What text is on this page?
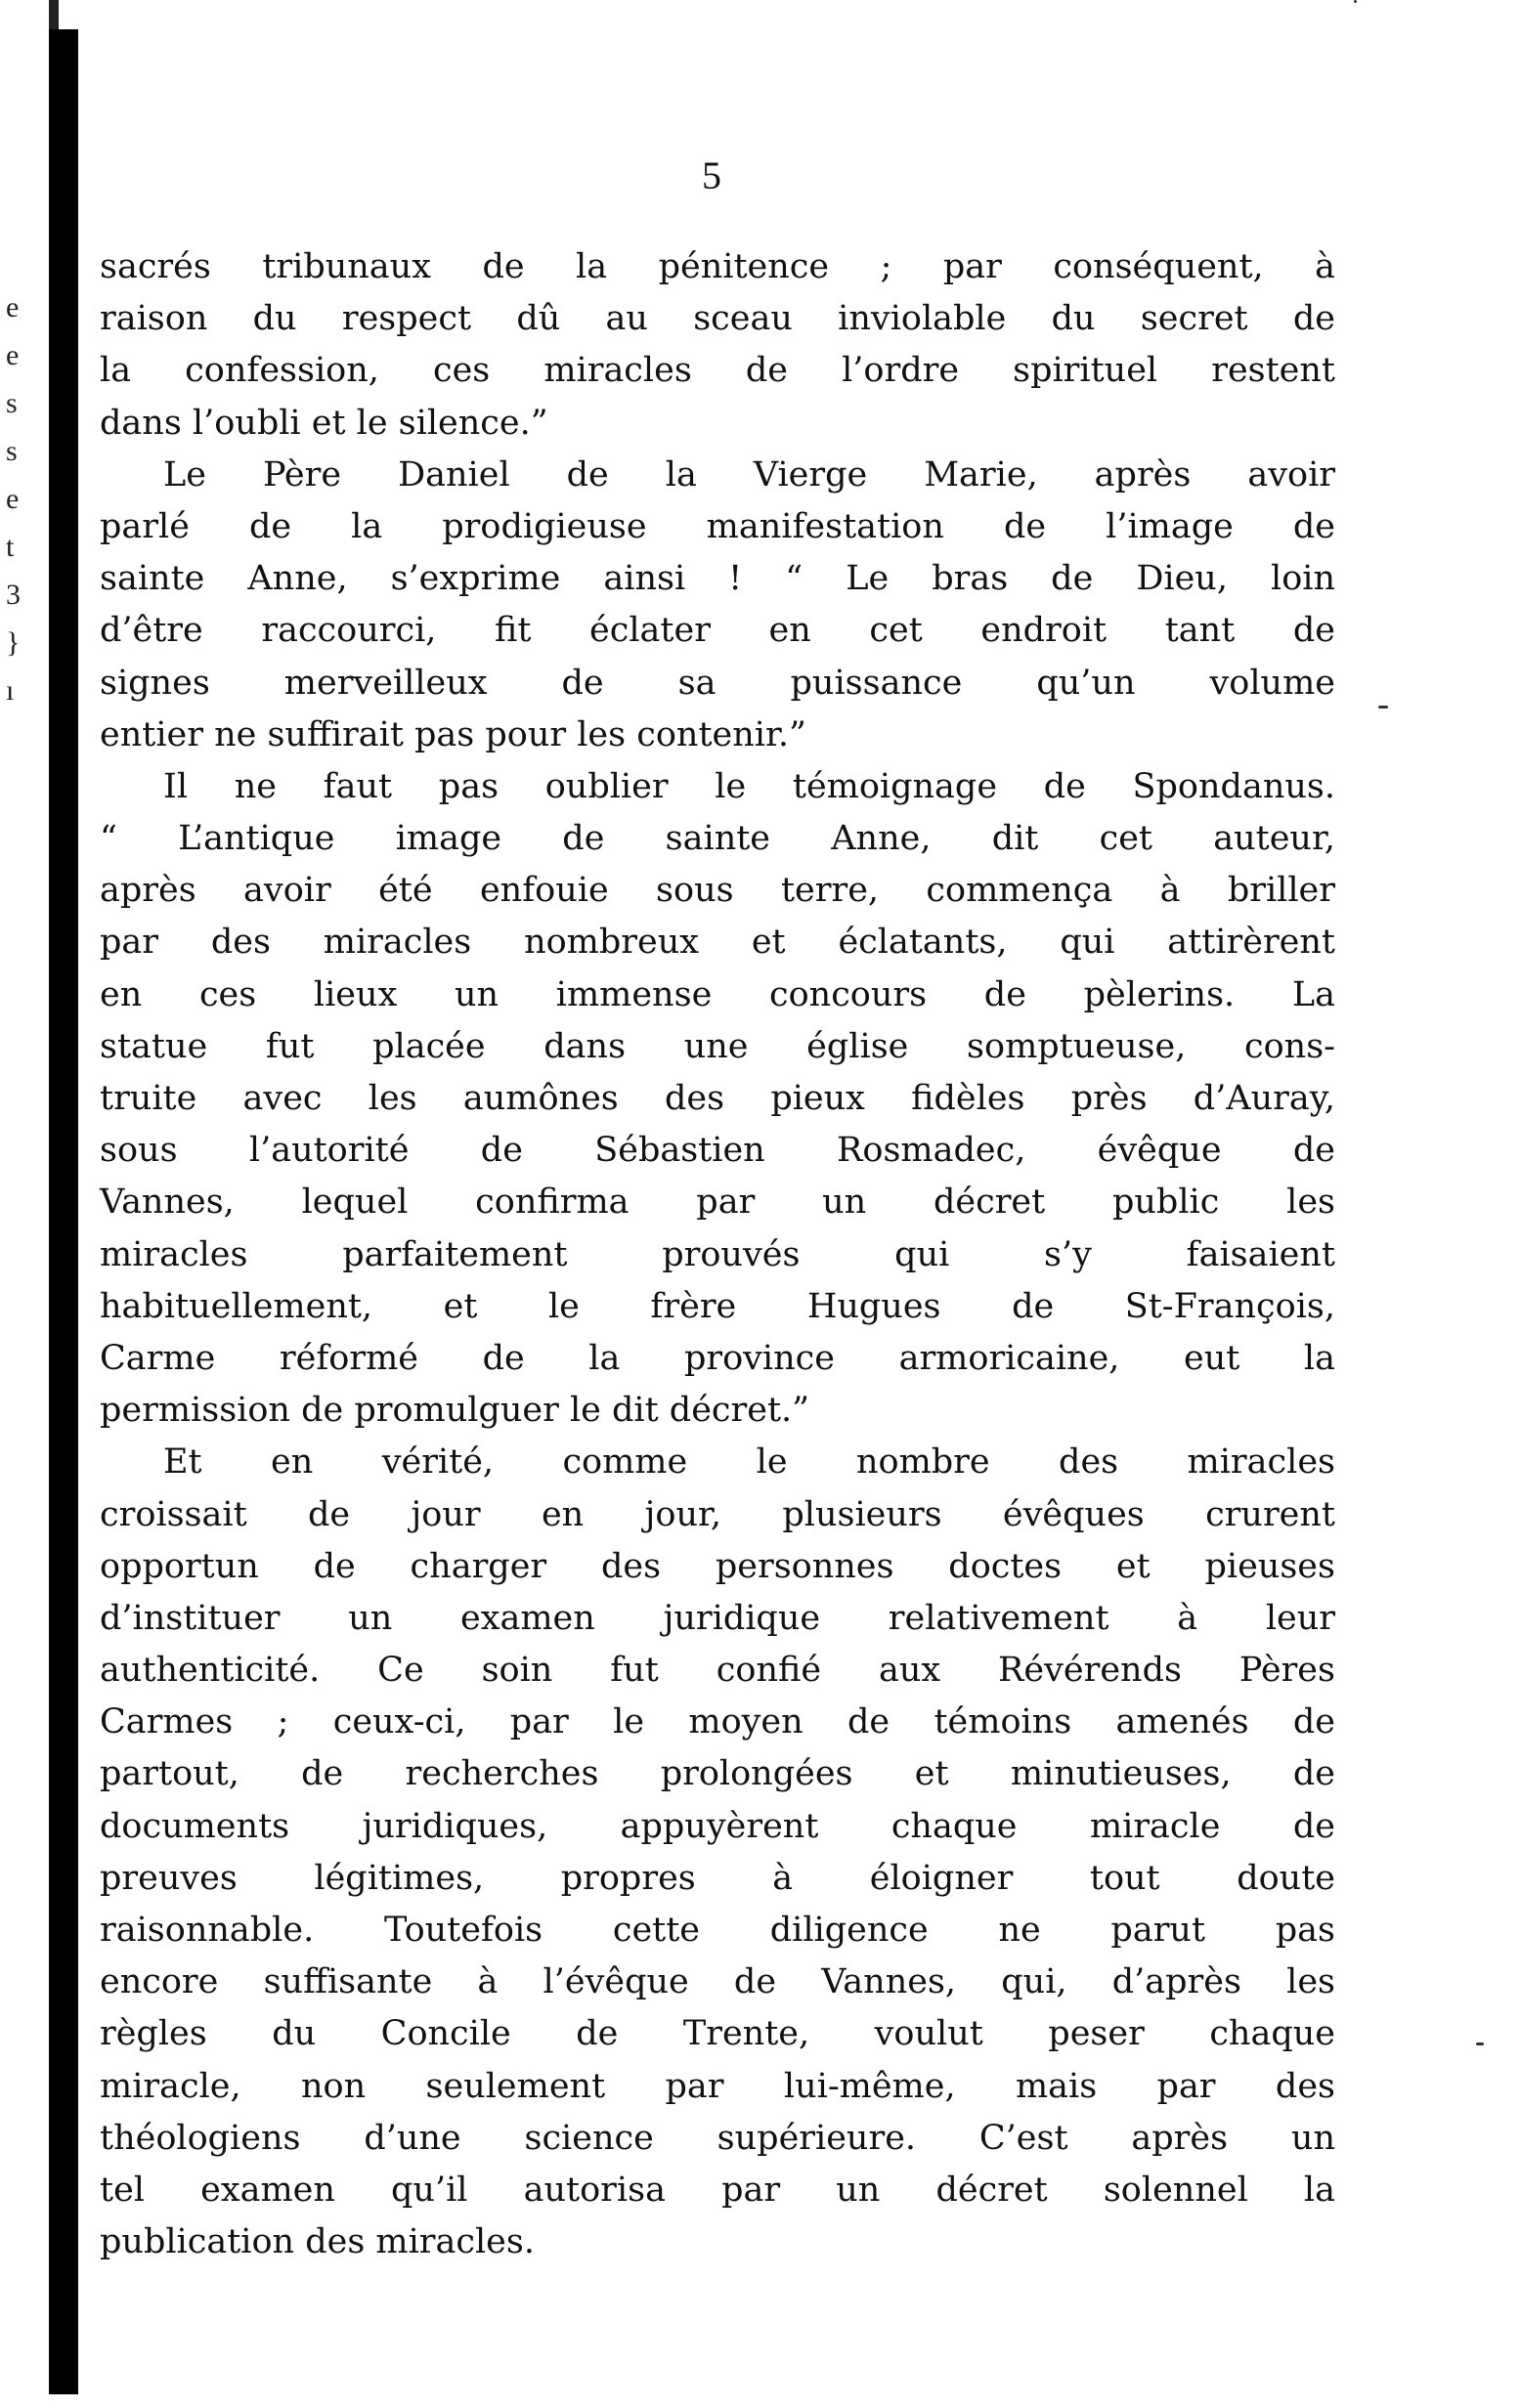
e
e
s
s
e
t
3
}
ı
5
sacrés tribunaux de la pénitence ; par conséquent, à
raison du respect dû au sceau inviolable du secret de
la confession, ces miracles de l’ordre spirituel restent
dans l’oubli et le silence.”
Le Père Daniel de la Vierge Marie, après avoir
parlé de la prodigieuse manifestation de l’image de
sainte Anne, s’exprime ainsi ! “ Le bras de Dieu, loin
d’être raccourci, fit éclater en cet endroit tant de
signes merveilleux de sa puissance qu’un volume
entier ne suffirait pas pour les contenir.”
Il ne faut pas oublier le témoignage de Spondanus.
“ L’antique image de sainte Anne, dit cet auteur,
après avoir été enfouie sous terre, commença à briller
par des miracles nombreux et éclatants, qui attirèrent
en ces lieux un immense concours de pèlerins. La
statue fut placée dans une église somptueuse, cons-
truite avec les aumônes des pieux fidèles près d’Auray,
sous l’autorité de Sébastien Rosmadec, évêque de
Vannes, lequel confirma par un décret public les
miracles parfaitement prouvés qui s’y faisaient
habituellement, et le frère Hugues de St-François,
Carme réformé de la province armoricaine, eut la
permission de promulguer le dit décret.”
Et en vérité, comme le nombre des miracles
croissait de jour en jour, plusieurs évêques crurent
opportun de charger des personnes doctes et pieuses
d’instituer un examen juridique relativement à leur
authenticité. Ce soin fut confié aux Révérends Pères
Carmes ; ceux-ci, par le moyen de témoins amenés de
partout, de recherches prolongées et minutieuses, de
documents juridiques, appuyèrent chaque miracle de
preuves légitimes, propres à éloigner tout doute
raisonnable. Toutefois cette diligence ne parut pas
encore suffisante à l’évêque de Vannes, qui, d’après les
règles du Concile de Trente, voulut peser chaque
miracle, non seulement par lui-même, mais par des
théologiens d’une science supérieure. C’est après un
tel examen qu’il autorisa par un décret solennel la
publication des miracles.
